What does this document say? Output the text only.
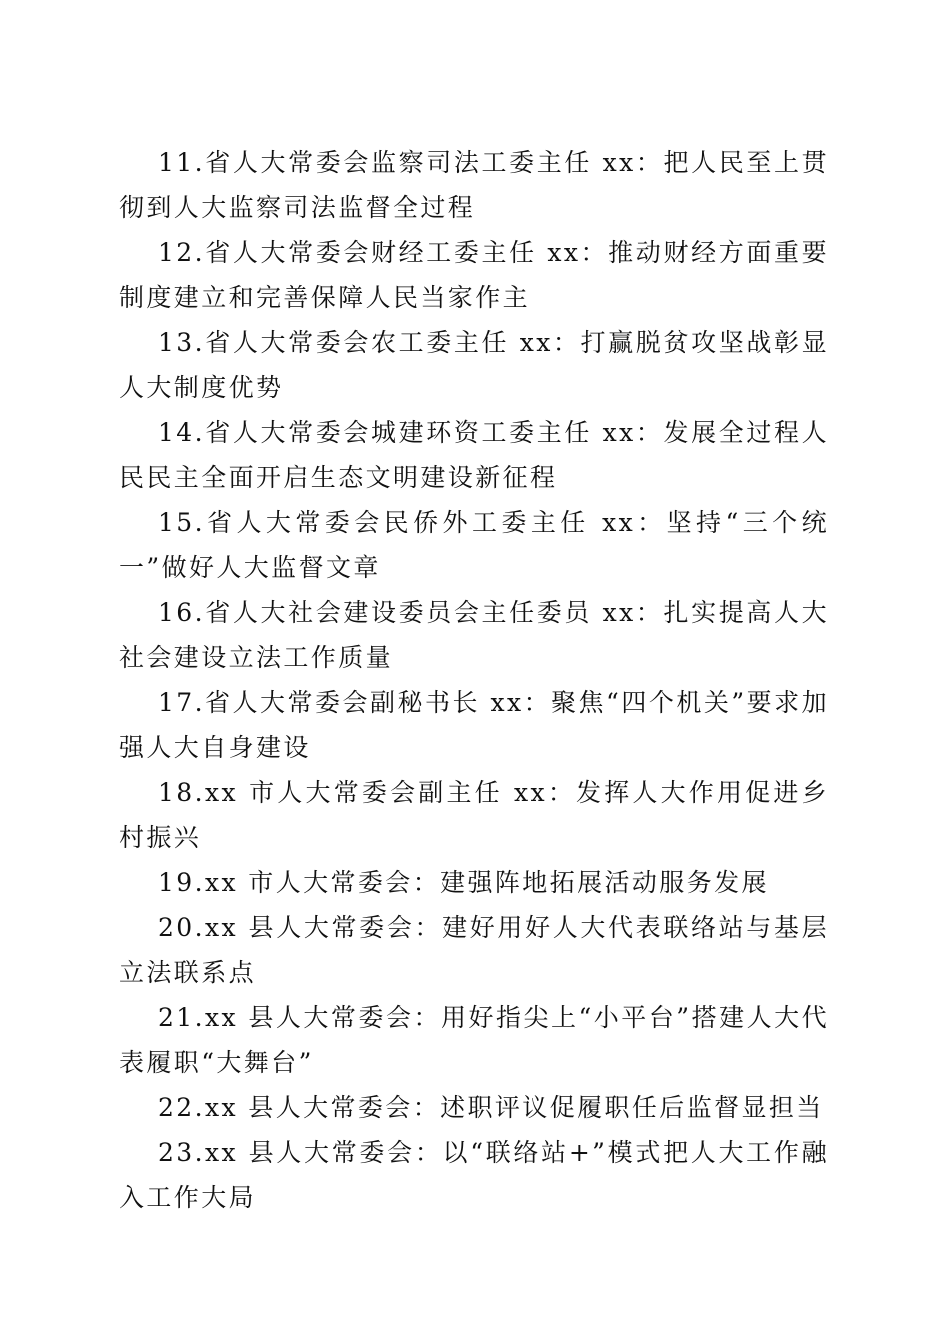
11.省人大常委会监察司法工委主任 xx：把人民至上贯彻到人大监察司法监督全过程

12.省人大常委会财经工委主任 xx：推动财经方面重要制度建立和完善保障人民当家作主

13.省人大常委会农工委主任 xx：打赢脱贫攻坚战彰显人大制度优势

14.省人大常委会城建环资工委主任 xx：发展全过程人民民主全面开启生态文明建设新征程

15.省人大常委会民侨外工委主任 xx：坚持“三个统一”做好人大监督文章

16.省人大社会建设委员会主任委员 xx：扎实提高人大社会建设立法工作质量

17.省人大常委会副秘书长 xx：聚焦“四个机关”要求加强人大自身建设

18.xx 市人大常委会副主任 xx：发挥人大作用促进乡村振兴

19.xx 市人大常委会：建强阵地拓展活动服务发展

20.xx 县人大常委会：建好用好人大代表联络站与基层立法联系点

21.xx 县人大常委会：用好指尖上“小平台”搭建人大代表履职“大舞台”

22.xx 县人大常委会：述职评议促履职任后监督显担当

23.xx 县人大常委会：以“联络站+”模式把人大工作融入工作大局
